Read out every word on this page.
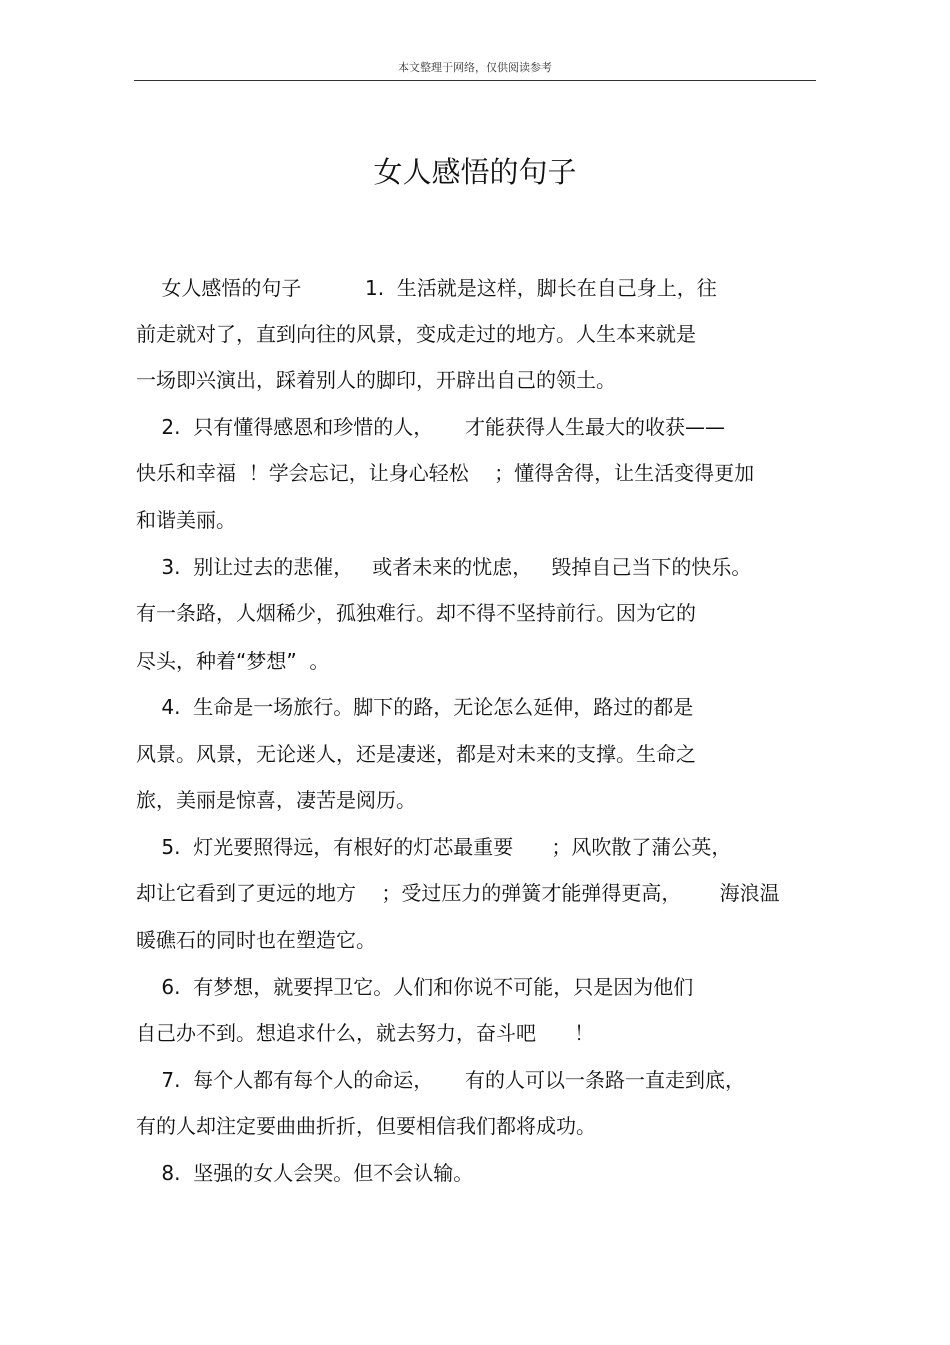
本文整理于网络，仅供阅读参考
女人感悟的句子
女人感悟的句子          1.  生活就是这样，脚长在自己身上，往
前走就对了，直到向往的风景，变成走过的地方。人生本来就是
一场即兴演出，踩着别人的脚印，开辟出自己的领土。
2.  只有懂得感恩和珍惜的人，     才能获得人生最大的收获——
快乐和幸福  ！学会忘记，让身心轻松    ；懂得舍得，让生活变得更加
和谐美丽。
3.  别让过去的悲催，   或者未来的忧虑，   毁掉自己当下的快乐。
有一条路，人烟稀少，孤独难行。却不得不坚持前行。因为它的
尽头，种着“梦想”  。
4.  生命是一场旅行。脚下的路，无论怎么延伸，路过的都是
风景。风景，无论迷人，还是凄迷，都是对未来的支撑。生命之
旅，美丽是惊喜，凄苦是阅历。
5.  灯光要照得远，有根好的灯芯最重要      ；风吹散了蒲公英，
却让它看到了更远的地方    ；受过压力的弹簧才能弹得更高，      海浪温
暖礁石的同时也在塑造它。
6.  有梦想，就要捍卫它。人们和你说不可能，只是因为他们
自己办不到。想追求什么，就去努力，奋斗吧      ！
7.  每个人都有每个人的命运，     有的人可以一条路一直走到底，
有的人却注定要曲曲折折，但要相信我们都将成功。
8.  坚强的女人会哭。但不会认输。
